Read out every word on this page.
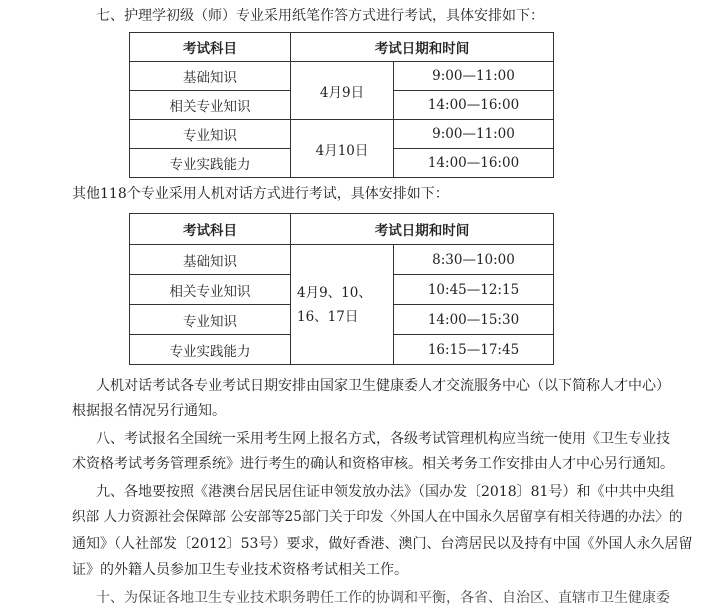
七、护理学初级（师）专业采用纸笔作答方式进行考试，具体安排如下：
考试科目	考试日期和时间	
基础知识	4月9日	9:00—11:00
相关专业知识		14:00—16:00
专业知识	4月10日	9:00—11:00
专业实践能力		14:00—16:00
其他118个专业采用人机对话方式进行考试，具体安排如下：
考试科目	考试日期和时间	
基础知识	4月9、10、16、17日	8:30—10:00
相关专业知识		10:45—12:15
专业知识		14:00—15:30
专业实践能力		16:15—17:45
人机对话考试各专业考试日期安排由国家卫生健康委人才交流服务中心（以下简称人才中心）
根据报名情况另行通知。
八、考试报名全国统一采用考生网上报名方式，各级考试管理机构应当统一使用《卫生专业技
术资格考试考务管理系统》进行考生的确认和资格审核。相关考务工作安排由人才中心另行通知。
九、各地要按照《港澳台居民居住证申领发放办法》（国办发〔2018〕81号）和《中共中央组
织部 人力资源社会保障部 公安部等25部门关于印发〈外国人在中国永久居留享有相关待遇的办法〉的
通知》（人社部发〔2012〕53号）要求，做好香港、澳门、台湾居民以及持有中国《外国人永久居留
证》的外籍人员参加卫生专业技术资格考试相关工作。
十、为保证各地卫生专业技术职务聘任工作的协调和平衡，各省、自治区、直辖市卫生健康委
